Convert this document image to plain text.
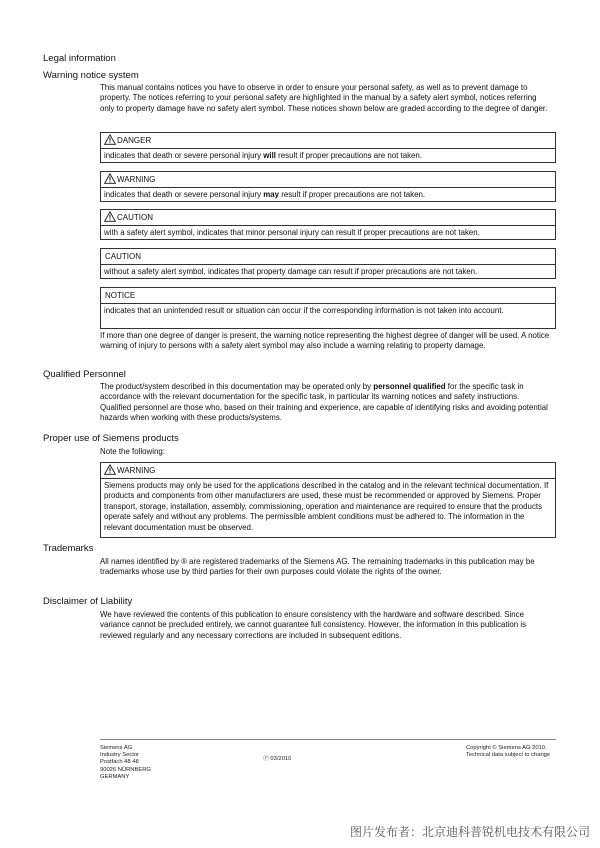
Legal information
Warning notice system

This manual contains notices you have to observe in order to ensure your personal safety, as well as to prevent damage to property. The notices referring to your personal safety are highlighted in the manual by a safety alert symbol, notices referring only to property damage have no safety alert symbol. These notices shown below are graded according to the degree of danger.

DANGER
indicates that death or severe personal injury will result if proper precautions are not taken.
WARNING
indicates that death or severe personal injury may result if proper precautions are not taken.
CAUTION
with a safety alert symbol, indicates that minor personal injury can result if proper precautions are not taken.
CAUTION
without a safety alert symbol, indicates that property damage can result if proper precautions are not taken.
NOTICE
indicates that an unintended result or situation can occur if the corresponding information is not taken into account.

If more than one degree of danger is present, the warning notice representing the highest degree of danger will be used. A notice warning of injury to persons with a safety alert symbol may also include a warning relating to property damage.

Qualified Personnel

The product/system described in this documentation may be operated only by personnel qualified for the specific task in accordance with the relevant documentation for the specific task, in particular its warning notices and safety instructions. Qualified personnel are those who, based on their training and experience, are capable of identifying risks and avoiding potential hazards when working with these products/systems.

Proper use of Siemens products

Note the following:

WARNING
Siemens products may only be used for the applications described in the catalog and in the relevant technical documentation. If products and components from other manufacturers are used, these must be recommended or approved by Siemens. Proper transport, storage, installation, assembly, commissioning, operation and maintenance are required to ensure that the products operate safely and without any problems. The permissible ambient conditions must be adhered to. The information in the relevant documentation must be observed.
Trademarks

All names identified by ® are registered trademarks of the Siemens AG. The remaining trademarks in this publication may be trademarks whose use by third parties for their own purposes could violate the rights of the owner.

Disclaimer of Liability

We have reviewed the contents of this publication to ensure consistency with the hardware and software described. Since variance cannot be precluded entirely, we cannot guarantee full consistency. However, the information in this publication is reviewed regularly and any necessary corrections are included in subsequent editions.

Siemens AG
Industry Sector
Postfach 48 48
90026 NÜRNBERG
GERMANY
Ⓟ 03/2010
Copyright © Siemens AG 2010.
Technical data subject to change
图片发布者：北京迪科普锐机电技术有限公司
